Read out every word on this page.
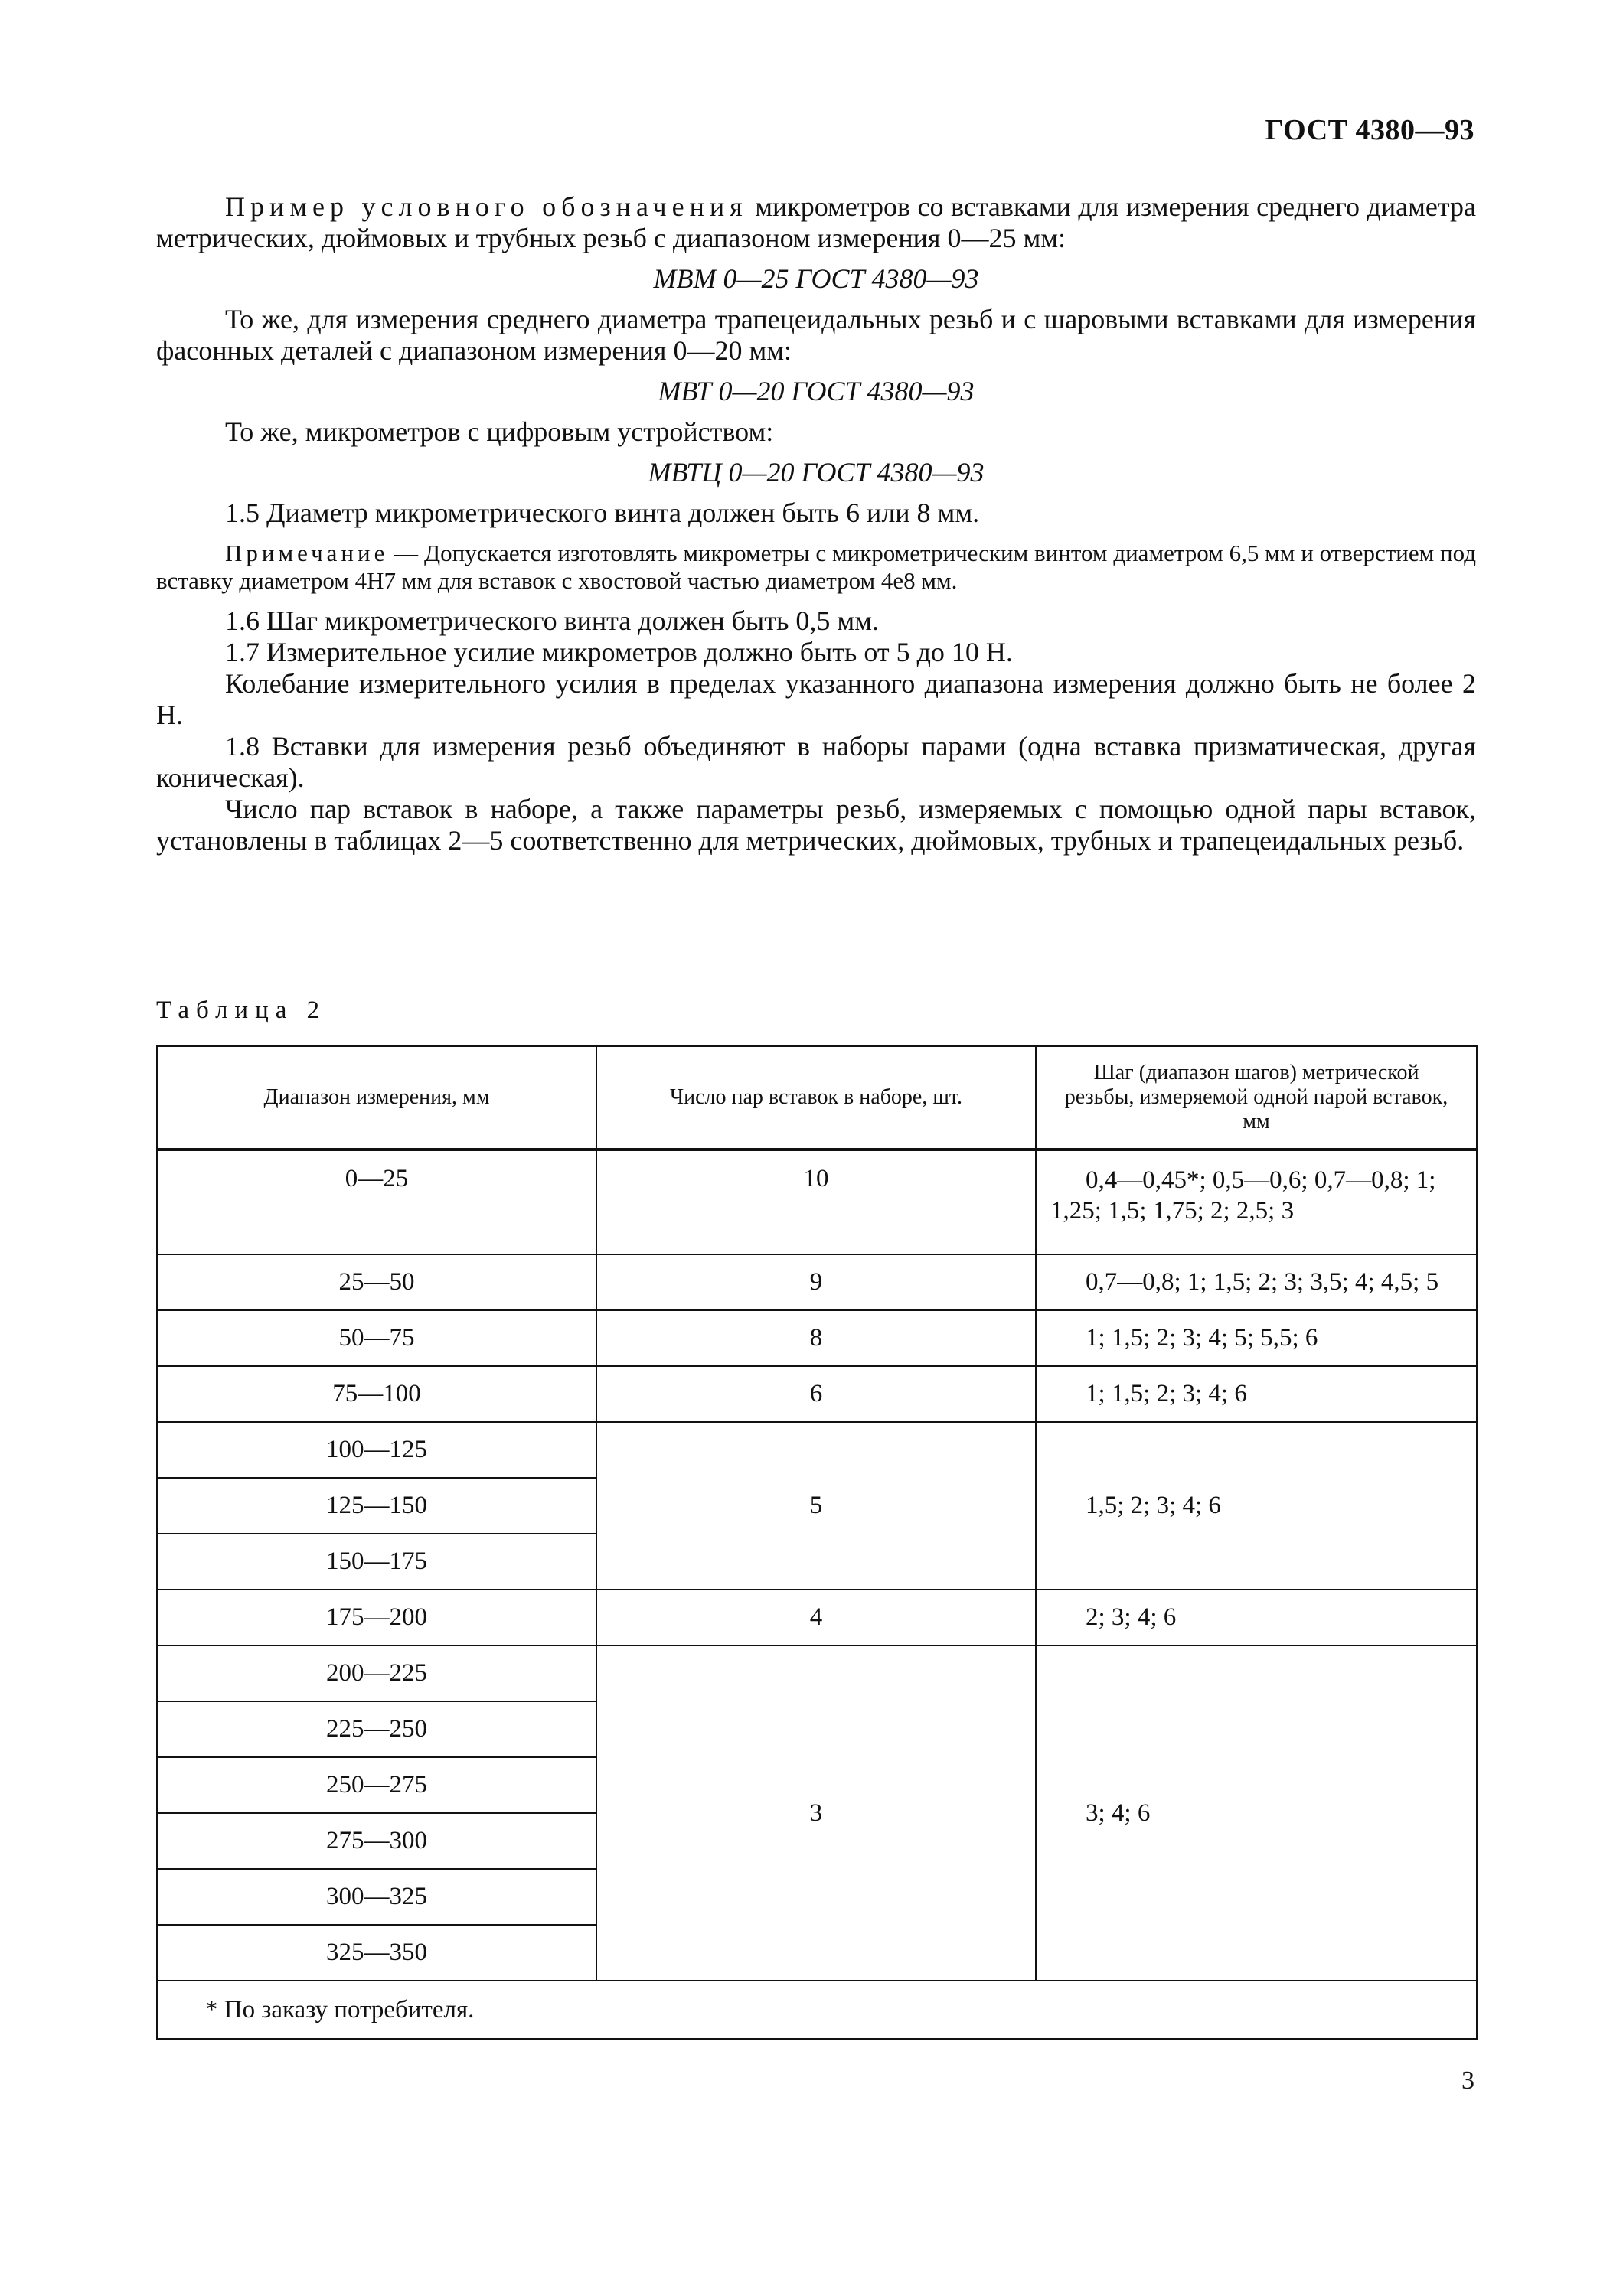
ГОСТ 4380—93

Пример условного обозначения микрометров со вставками для измерения среднего диаметра метрических, дюймовых и трубных резьб с диапазоном измерения 0—25 мм:

МВМ 0—25 ГОСТ 4380—93

То же, для измерения среднего диаметра трапецеидальных резьб и с шаровыми вставками для измерения фасонных деталей с диапазоном измерения 0—20 мм:

МВТ 0—20 ГОСТ 4380—93

То же, микрометров с цифровым устройством:

МВТЦ 0—20 ГОСТ 4380—93

1.5 Диаметр микрометрического винта должен быть 6 или 8 мм.

Примечание — Допускается изготовлять микрометры с микрометрическим винтом диаметром 6,5 мм и отверстием под вставку диаметром 4Н7 мм для вставок с хвостовой частью диаметром 4е8 мм.

1.6 Шаг микрометрического винта должен быть 0,5 мм.

1.7 Измерительное усилие микрометров должно быть от 5 до 10 Н.

Колебание измерительного усилия в пределах указанного диапазона измерения должно быть не более 2 Н.

1.8 Вставки для измерения резьб объединяют в наборы парами (одна вставка призматическая, другая коническая).

Число пар вставок в наборе, а также параметры резьб, измеряемых с помощью одной пары вставок, установлены в таблицах 2—5 соответственно для метрических, дюймовых, трубных и трапецеидальных резьб.

Таблица 2
Диапазон измерения, мм	Число пар вставок в наборе, шт.	Шаг (диапазон шагов) метрической резьбы, измеряемой одной парой вставок, мм
0—25	10	0,4—0,45*; 0,5—0,6; 0,7—0,8; 1; 1,25; 1,5; 1,75; 2; 2,5; 3
25—50	9	0,7—0,8; 1; 1,5; 2; 3; 3,5; 4; 4,5; 5
50—75	8	1; 1,5; 2; 3; 4; 5; 5,5; 6
75—100	6	1; 1,5; 2; 3; 4; 6
100—125	5	1,5; 2; 3; 4; 6
125—150		
150—175		
175—200	4	2; 3; 4; 6
200—225	3	3; 4; 6
225—250		
250—275		
275—300		
300—325		
325—350		
* По заказу потребителя.		
3
